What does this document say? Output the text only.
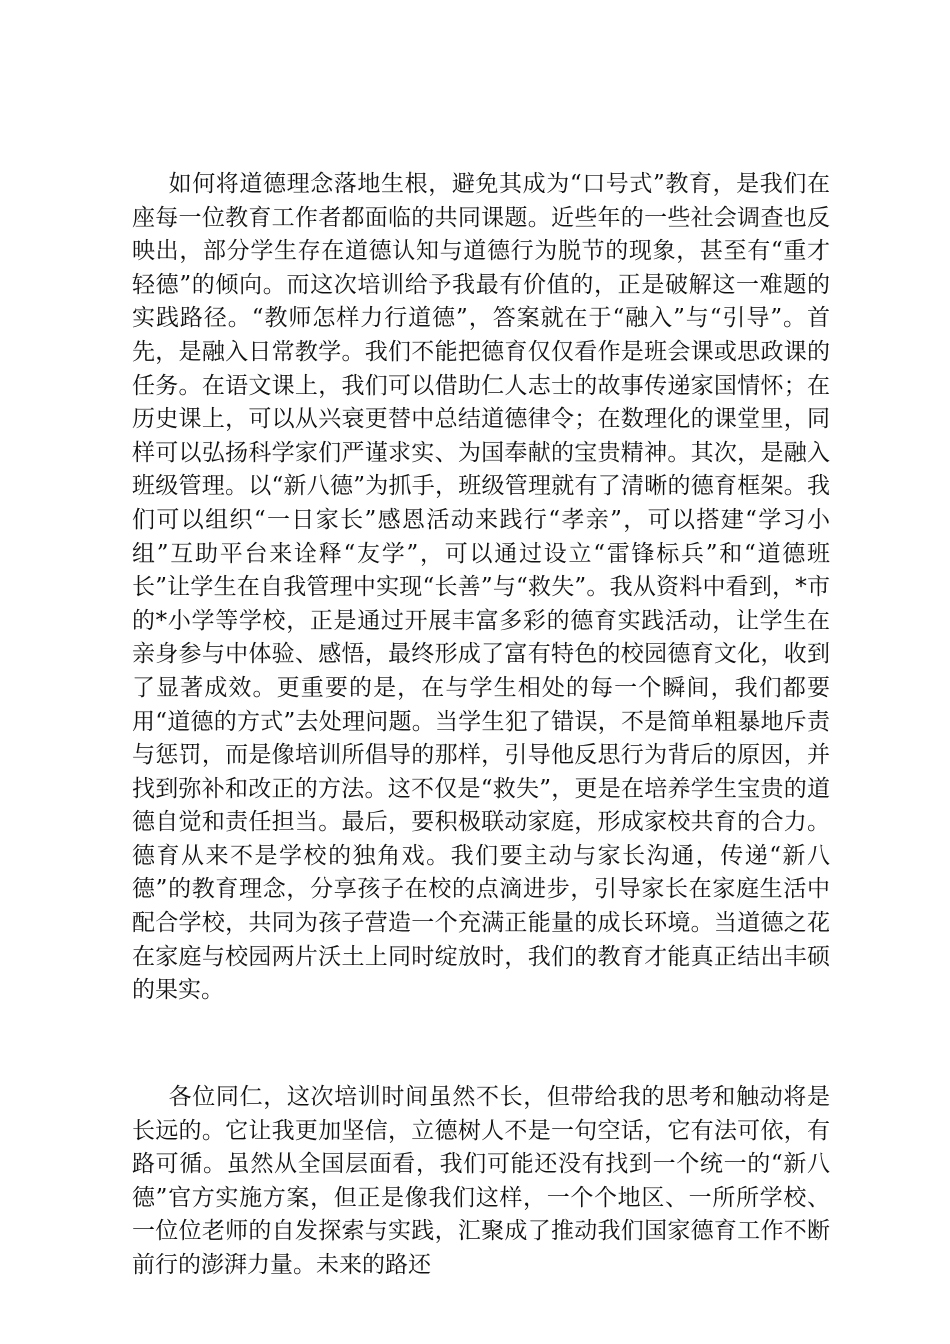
如何将道德理念落地生根，避免其成为“口号式”教育，是我们在座每一位教育工作者都面临的共同课题。近些年的一些社会调查也反映出，部分学生存在道德认知与道德行为脱节的现象，甚至有“重才轻德”的倾向。而这次培训给予我最有价值的，正是破解这一难题的实践路径。“教师怎样力行道德”，答案就在于“融入”与“引导”。首先，是融入日常教学。我们不能把德育仅仅看作是班会课或思政课的任务。在语文课上，我们可以借助仁人志士的故事传递家国情怀；在历史课上，可以从兴衰更替中总结道德律令；在数理化的课堂里，同样可以弘扬科学家们严谨求实、为国奉献的宝贵精神。其次，是融入班级管理。以“新八德”为抓手，班级管理就有了清晰的德育框架。我们可以组织“一日家长”感恩活动来践行“孝亲”，可以搭建“学习小组”互助平台来诠释“友学”，可以通过设立“雷锋标兵”和“道德班长”让学生在自我管理中实现“长善”与“救失”。我从资料中看到，*市的*小学等学校，正是通过开展丰富多彩的德育实践活动，让学生在亲身参与中体验、感悟，最终形成了富有特色的校园德育文化，收到了显著成效。更重要的是，在与学生相处的每一个瞬间，我们都要用“道德的方式”去处理问题。当学生犯了错误，不是简单粗暴地斥责与惩罚，而是像培训所倡导的那样，引导他反思行为背后的原因，并找到弥补和改正的方法。这不仅是“救失”，更是在培养学生宝贵的道德自觉和责任担当。最后，要积极联动家庭，形成家校共育的合力。德育从来不是学校的独角戏。我们要主动与家长沟通，传递“新八德”的教育理念，分享孩子在校的点滴进步，引导家长在家庭生活中配合学校，共同为孩子营造一个充满正能量的成长环境。当道德之花在家庭与校园两片沃土上同时绽放时，我们的教育才能真正结出丰硕的果实。

各位同仁，这次培训时间虽然不长，但带给我的思考和触动将是长远的。它让我更加坚信，立德树人不是一句空话，它有法可依，有路可循。虽然从全国层面看，我们可能还没有找到一个统一的“新八德”官方实施方案，但正是像我们这样，一个个地区、一所所学校、一位位老师的自发探索与实践，汇聚成了推动我们国家德育工作不断前行的澎湃力量。未来的路还
